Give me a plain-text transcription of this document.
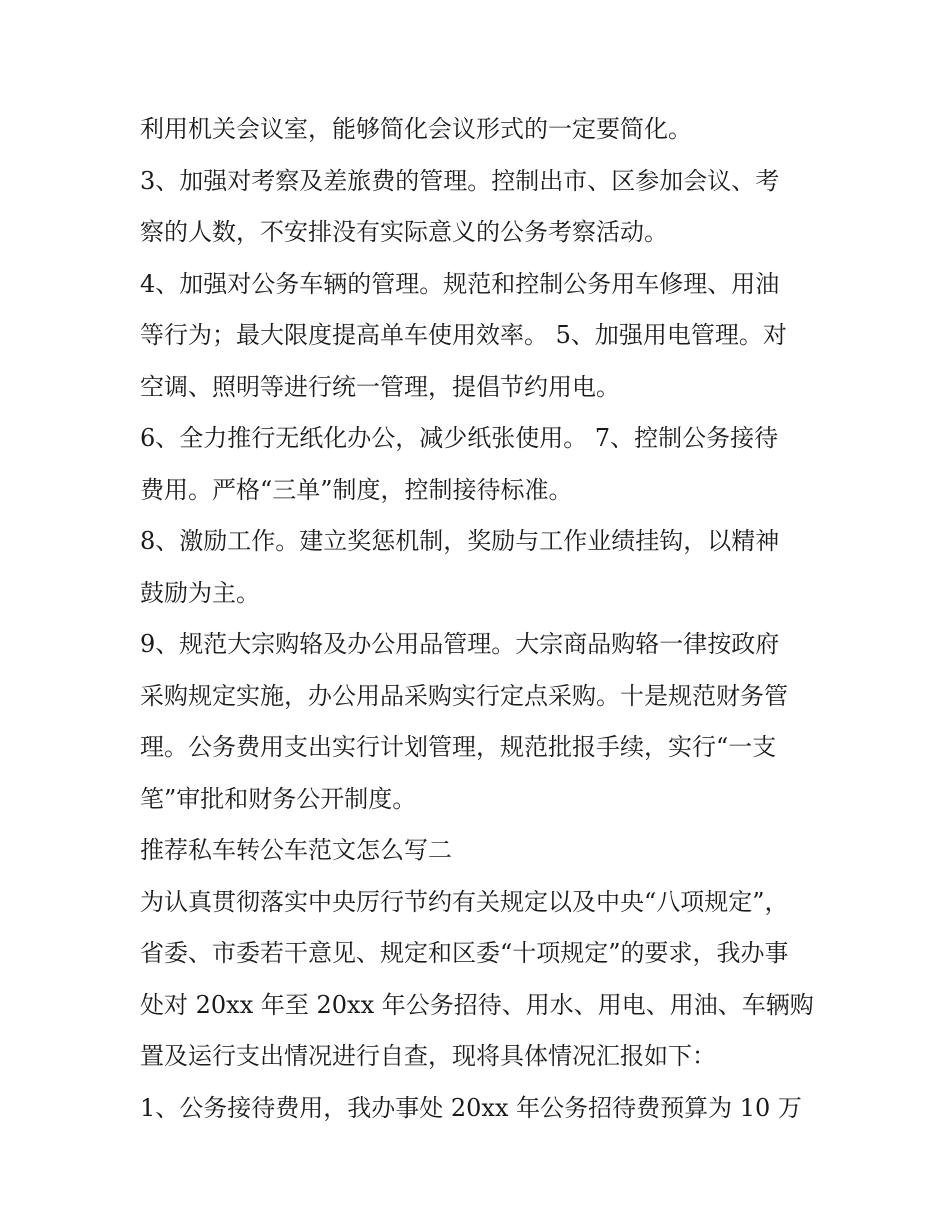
利用机关会议室，能够简化会议形式的一定要简化。
3、加强对考察及差旅费的管理。控制出市、区参加会议、考
察的人数，不安排没有实际意义的公务考察活动。
4、加强对公务车辆的管理。规范和控制公务用车修理、用油
等行为；最大限度提高单车使用效率。 5、加强用电管理。对
空调、照明等进行统一管理，提倡节约用电。
6、全力推行无纸化办公，减少纸张使用。 7、控制公务接待
费用。严格“三单”制度，控制接待标准。
8、激励工作。建立奖惩机制，奖励与工作业绩挂钩，以精神
鼓励为主。
9、规范大宗购辂及办公用品管理。大宗商品购辂一律按政府
采购规定实施，办公用品采购实行定点采购。十是规范财务管
理。公务费用支出实行计划管理，规范批报手续，实行“一支
笔”审批和财务公开制度。
推荐私车转公车范文怎么写二
为认真贯彻落实中央厉行节约有关规定以及中央“八项规定”，
省委、市委若干意见、规定和区委“十项规定”的要求，我办事
处对 20xx 年至 20xx 年公务招待、用水、用电、用油、车辆购
置及运行支出情况进行自查，现将具体情况汇报如下：
1、公务接待费用，我办事处 20xx 年公务招待费预算为 10 万
